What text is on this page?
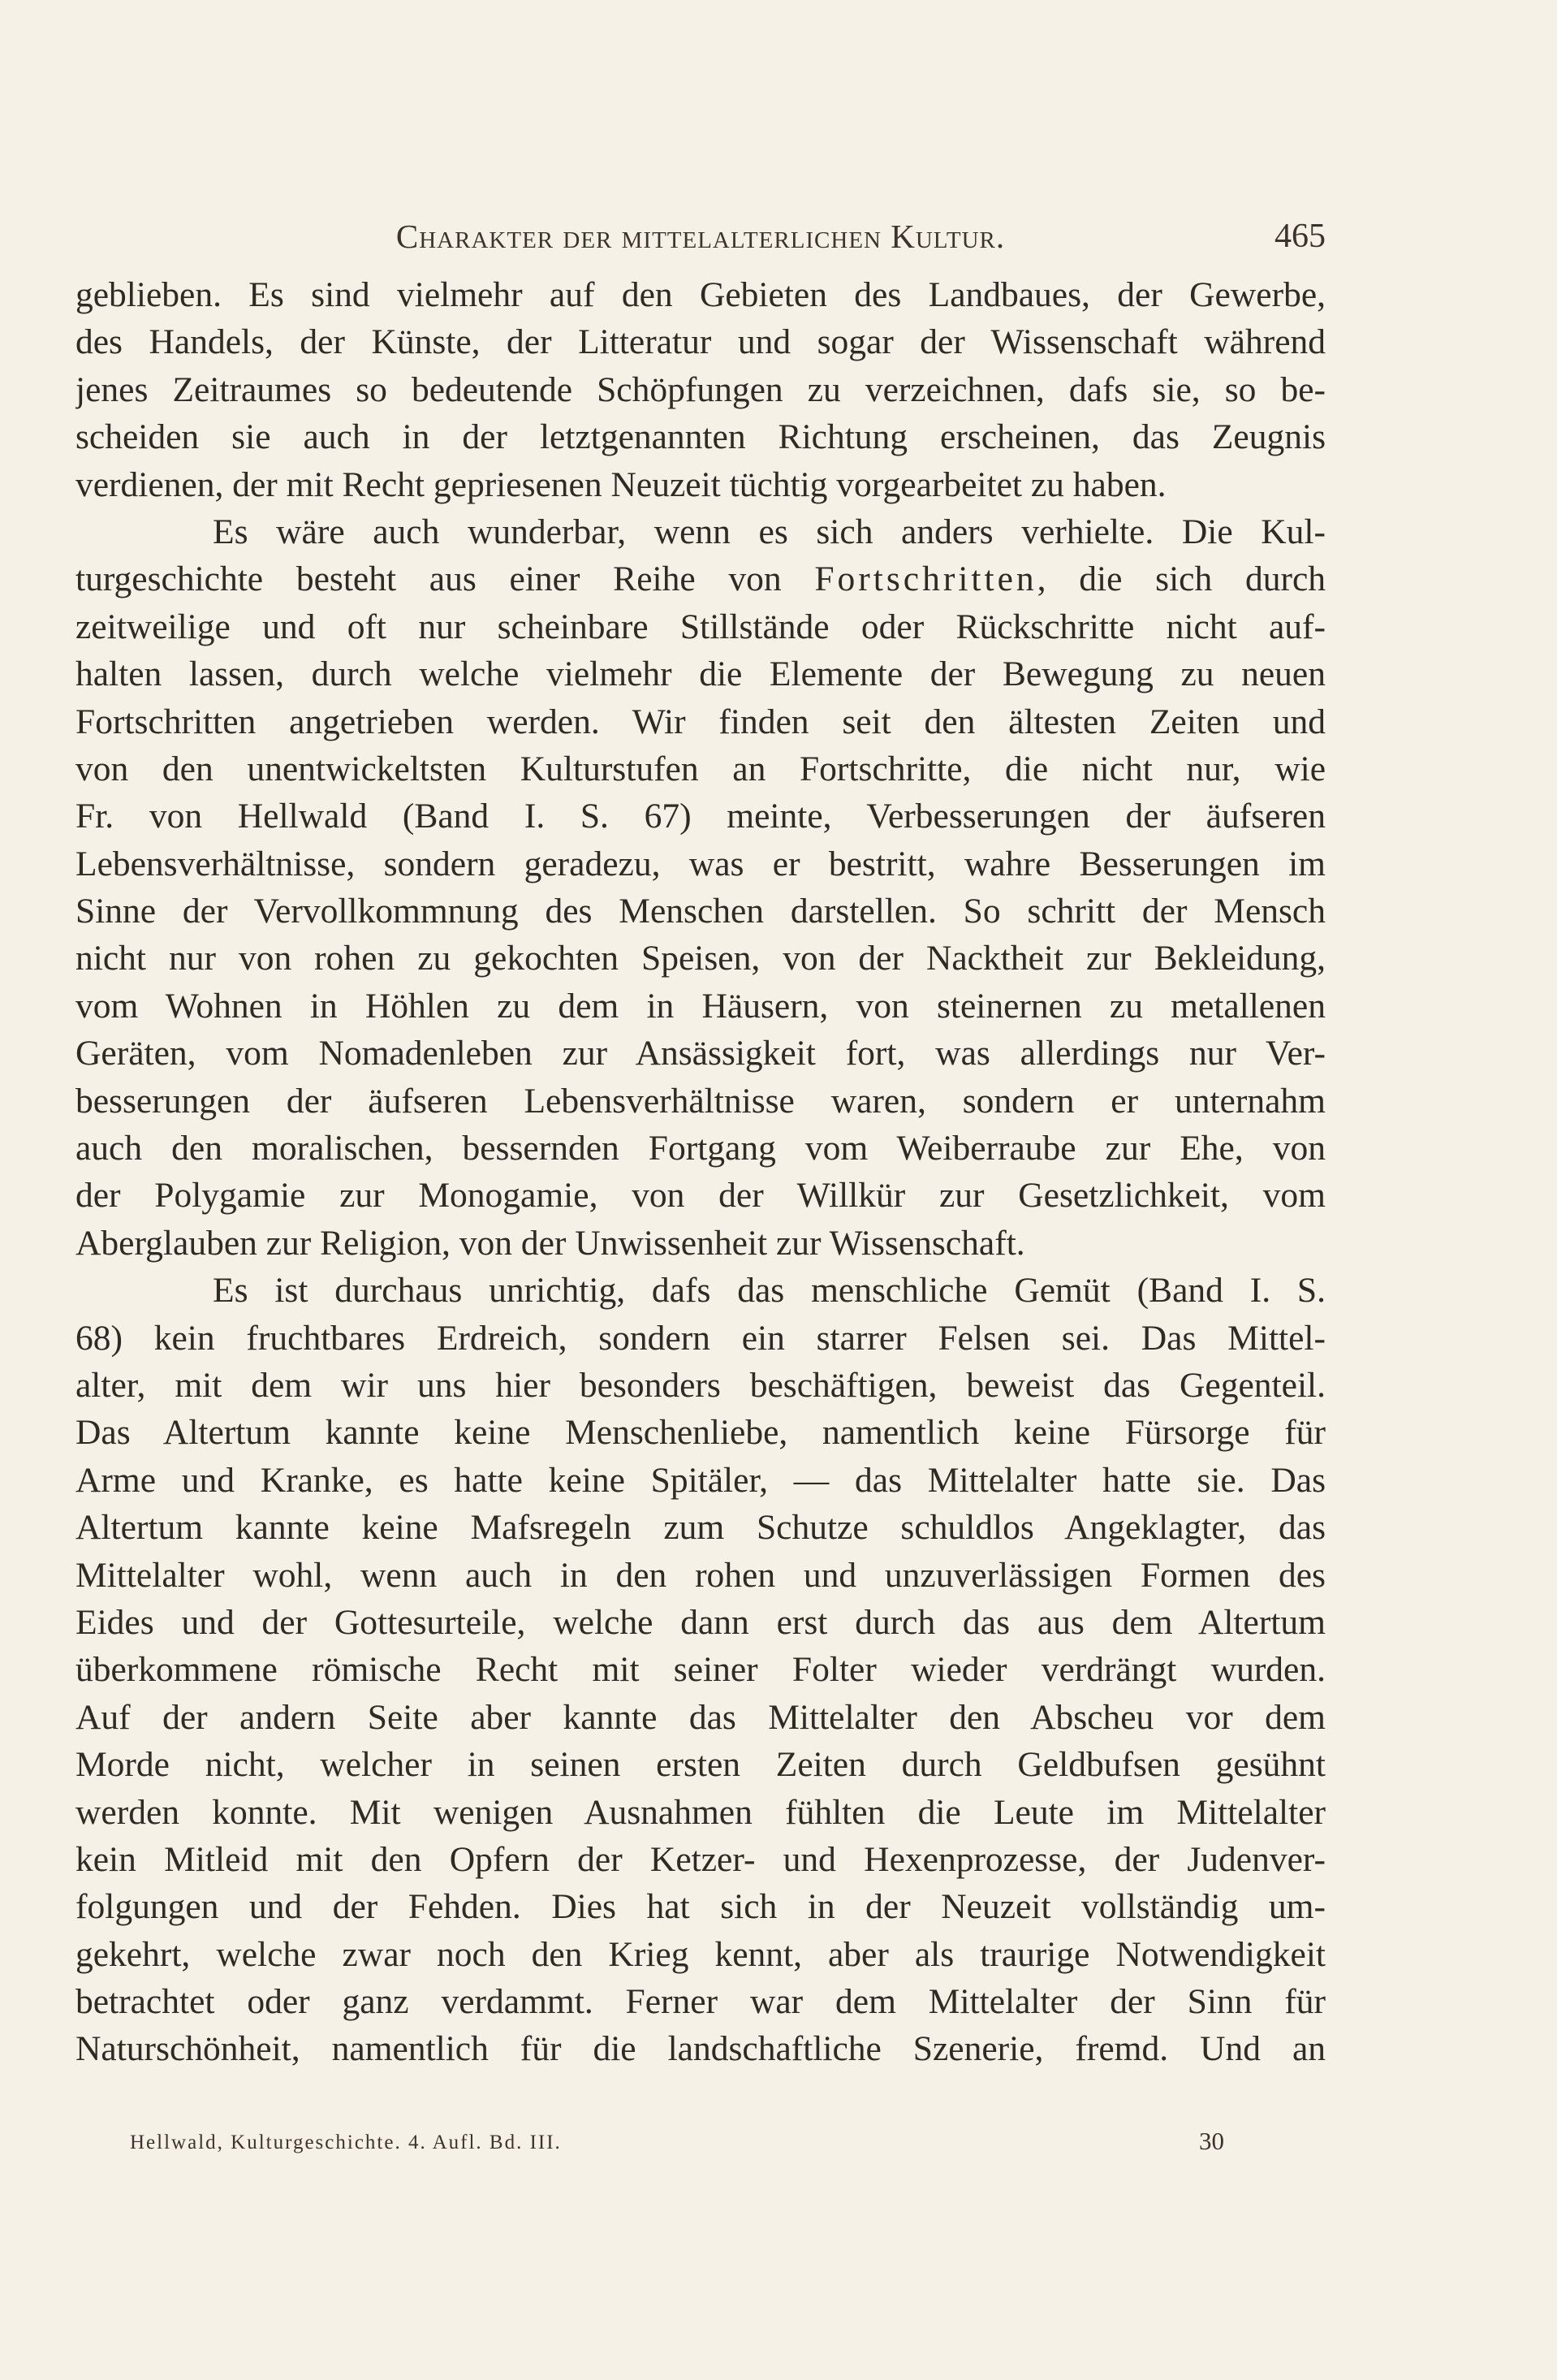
Charakter der mittelalterlichen Kultur.	465
geblieben. Es sind vielmehr auf den Gebieten des Landbaues, der Gewerbe,
des Handels, der Künste, der Litteratur und sogar der Wissenschaft während
jenes Zeitraumes so bedeutende Schöpfungen zu verzeichnen, dafs sie, so be-
scheiden sie auch in der letztgenannten Richtung erscheinen, das Zeugnis
verdienen, der mit Recht gepriesenen Neuzeit tüchtig vorgearbeitet zu haben.
Es wäre auch wunderbar, wenn es sich anders verhielte. Die Kul-
turgeschichte besteht aus einer Reihe von Fortschritten, die sich durch
zeitweilige und oft nur scheinbare Stillstände oder Rückschritte nicht auf-
halten lassen, durch welche vielmehr die Elemente der Bewegung zu neuen
Fortschritten angetrieben werden. Wir finden seit den ältesten Zeiten und
von den unentwickeltsten Kulturstufen an Fortschritte, die nicht nur, wie
Fr. von Hellwald (Band I. S. 67) meinte, Verbesserungen der äufseren
Lebensverhältnisse, sondern geradezu, was er bestritt, wahre Besserungen im
Sinne der Vervollkommnung des Menschen darstellen. So schritt der Mensch
nicht nur von rohen zu gekochten Speisen, von der Nacktheit zur Bekleidung,
vom Wohnen in Höhlen zu dem in Häusern, von steinernen zu metallenen
Geräten, vom Nomadenleben zur Ansässigkeit fort, was allerdings nur Ver-
besserungen der äufseren Lebensverhältnisse waren, sondern er unternahm
auch den moralischen, bessernden Fortgang vom Weiberraube zur Ehe, von
der Polygamie zur Monogamie, von der Willkür zur Gesetzlichkeit, vom
Aberglauben zur Religion, von der Unwissenheit zur Wissenschaft.
Es ist durchaus unrichtig, dafs das menschliche Gemüt (Band I. S.
68) kein fruchtbares Erdreich, sondern ein starrer Felsen sei. Das Mittel-
alter, mit dem wir uns hier besonders beschäftigen, beweist das Gegenteil.
Das Altertum kannte keine Menschenliebe, namentlich keine Fürsorge für
Arme und Kranke, es hatte keine Spitäler, — das Mittelalter hatte sie. Das
Altertum kannte keine Mafsregeln zum Schutze schuldlos Angeklagter, das
Mittelalter wohl, wenn auch in den rohen und unzuverlässigen Formen des
Eides und der Gottesurteile, welche dann erst durch das aus dem Altertum
überkommene römische Recht mit seiner Folter wieder verdrängt wurden.
Auf der andern Seite aber kannte das Mittelalter den Abscheu vor dem
Morde nicht, welcher in seinen ersten Zeiten durch Geldbufsen gesühnt
werden konnte. Mit wenigen Ausnahmen fühlten die Leute im Mittelalter
kein Mitleid mit den Opfern der Ketzer- und Hexenprozesse, der Judenver-
folgungen und der Fehden. Dies hat sich in der Neuzeit vollständig um-
gekehrt, welche zwar noch den Krieg kennt, aber als traurige Notwendigkeit
betrachtet oder ganz verdammt. Ferner war dem Mittelalter der Sinn für
Naturschönheit, namentlich für die landschaftliche Szenerie, fremd. Und an
Hellwald, Kulturgeschichte. 4. Aufl. Bd. III.	30
